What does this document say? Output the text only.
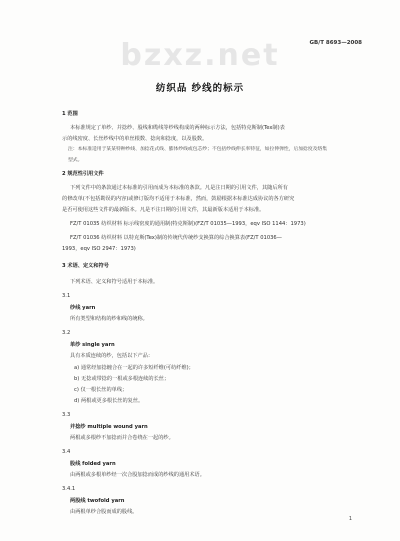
GB/T 8693—2008
bzxz.net
纺织品 纱线的标示
1 范围
本标准规定了单纱、并捻纱、股线和缆线等纱线构成的两种标示方法，包括特克斯制(Tex制)表
示的线密度、长丝纱线中的单丝根数、捻向和捻度，以及股数。
注：本标准适用于某某特种纱线、加捻花式线、膨体纱线或包芯纱；不包括纱线伸长率特征，如拉伸弹性，后加捻度及络集
型式。
2 规范性引用文件
下列文件中的条款通过本标准的引用而成为本标准的条款。凡是注日期的引用文件，其随后所有
的修改单(不包括勘误的内容)或修订版均不适用于本标准，然而，鼓励根据本标准达成协议的各方研究
是否可使用这些文件的最新版本。凡是不注日期的引用文件，其最新版本适用于本标准。
FZ/T 01035 纺织材料 标示线密度的通用制(特克斯制)(FZ/T 01035—1993，eqv ISO 1144：1973)
FZ/T 01036 纺织材料 以特克斯(Tex)制的传统代传统纱支换算的综合换算表(FZ/T 01036—
1993，eqv ISO 2947：1973)
3 术语、定义和符号
下列术语、定义和符号适用于本标准。
3.1
纱线 yarn
所有类型和结构的纱和线的统称。
3.2
单纱 single yarn
具有本质连续的纱，包括以下产品：
a) 通常经加捻缠合在一起的许多短纤维(可纺纤维)；
b) 无捻或带捻的一根或多根连续的长丝；
c) 仅一根长丝的单线；
d) 两根或更多根长丝的复丝。
3.3
并捻纱 multiple wound yarn
两根或多根纱不加捻而并合卷绕在一起的纱。
3.4
股线 folded yarn
由两根或多根单纱经一次合股加捻而成的纱线的通用术语。
3.4.1
两股线 twofold yarn
由两根单纱合股而成的股线。
1
